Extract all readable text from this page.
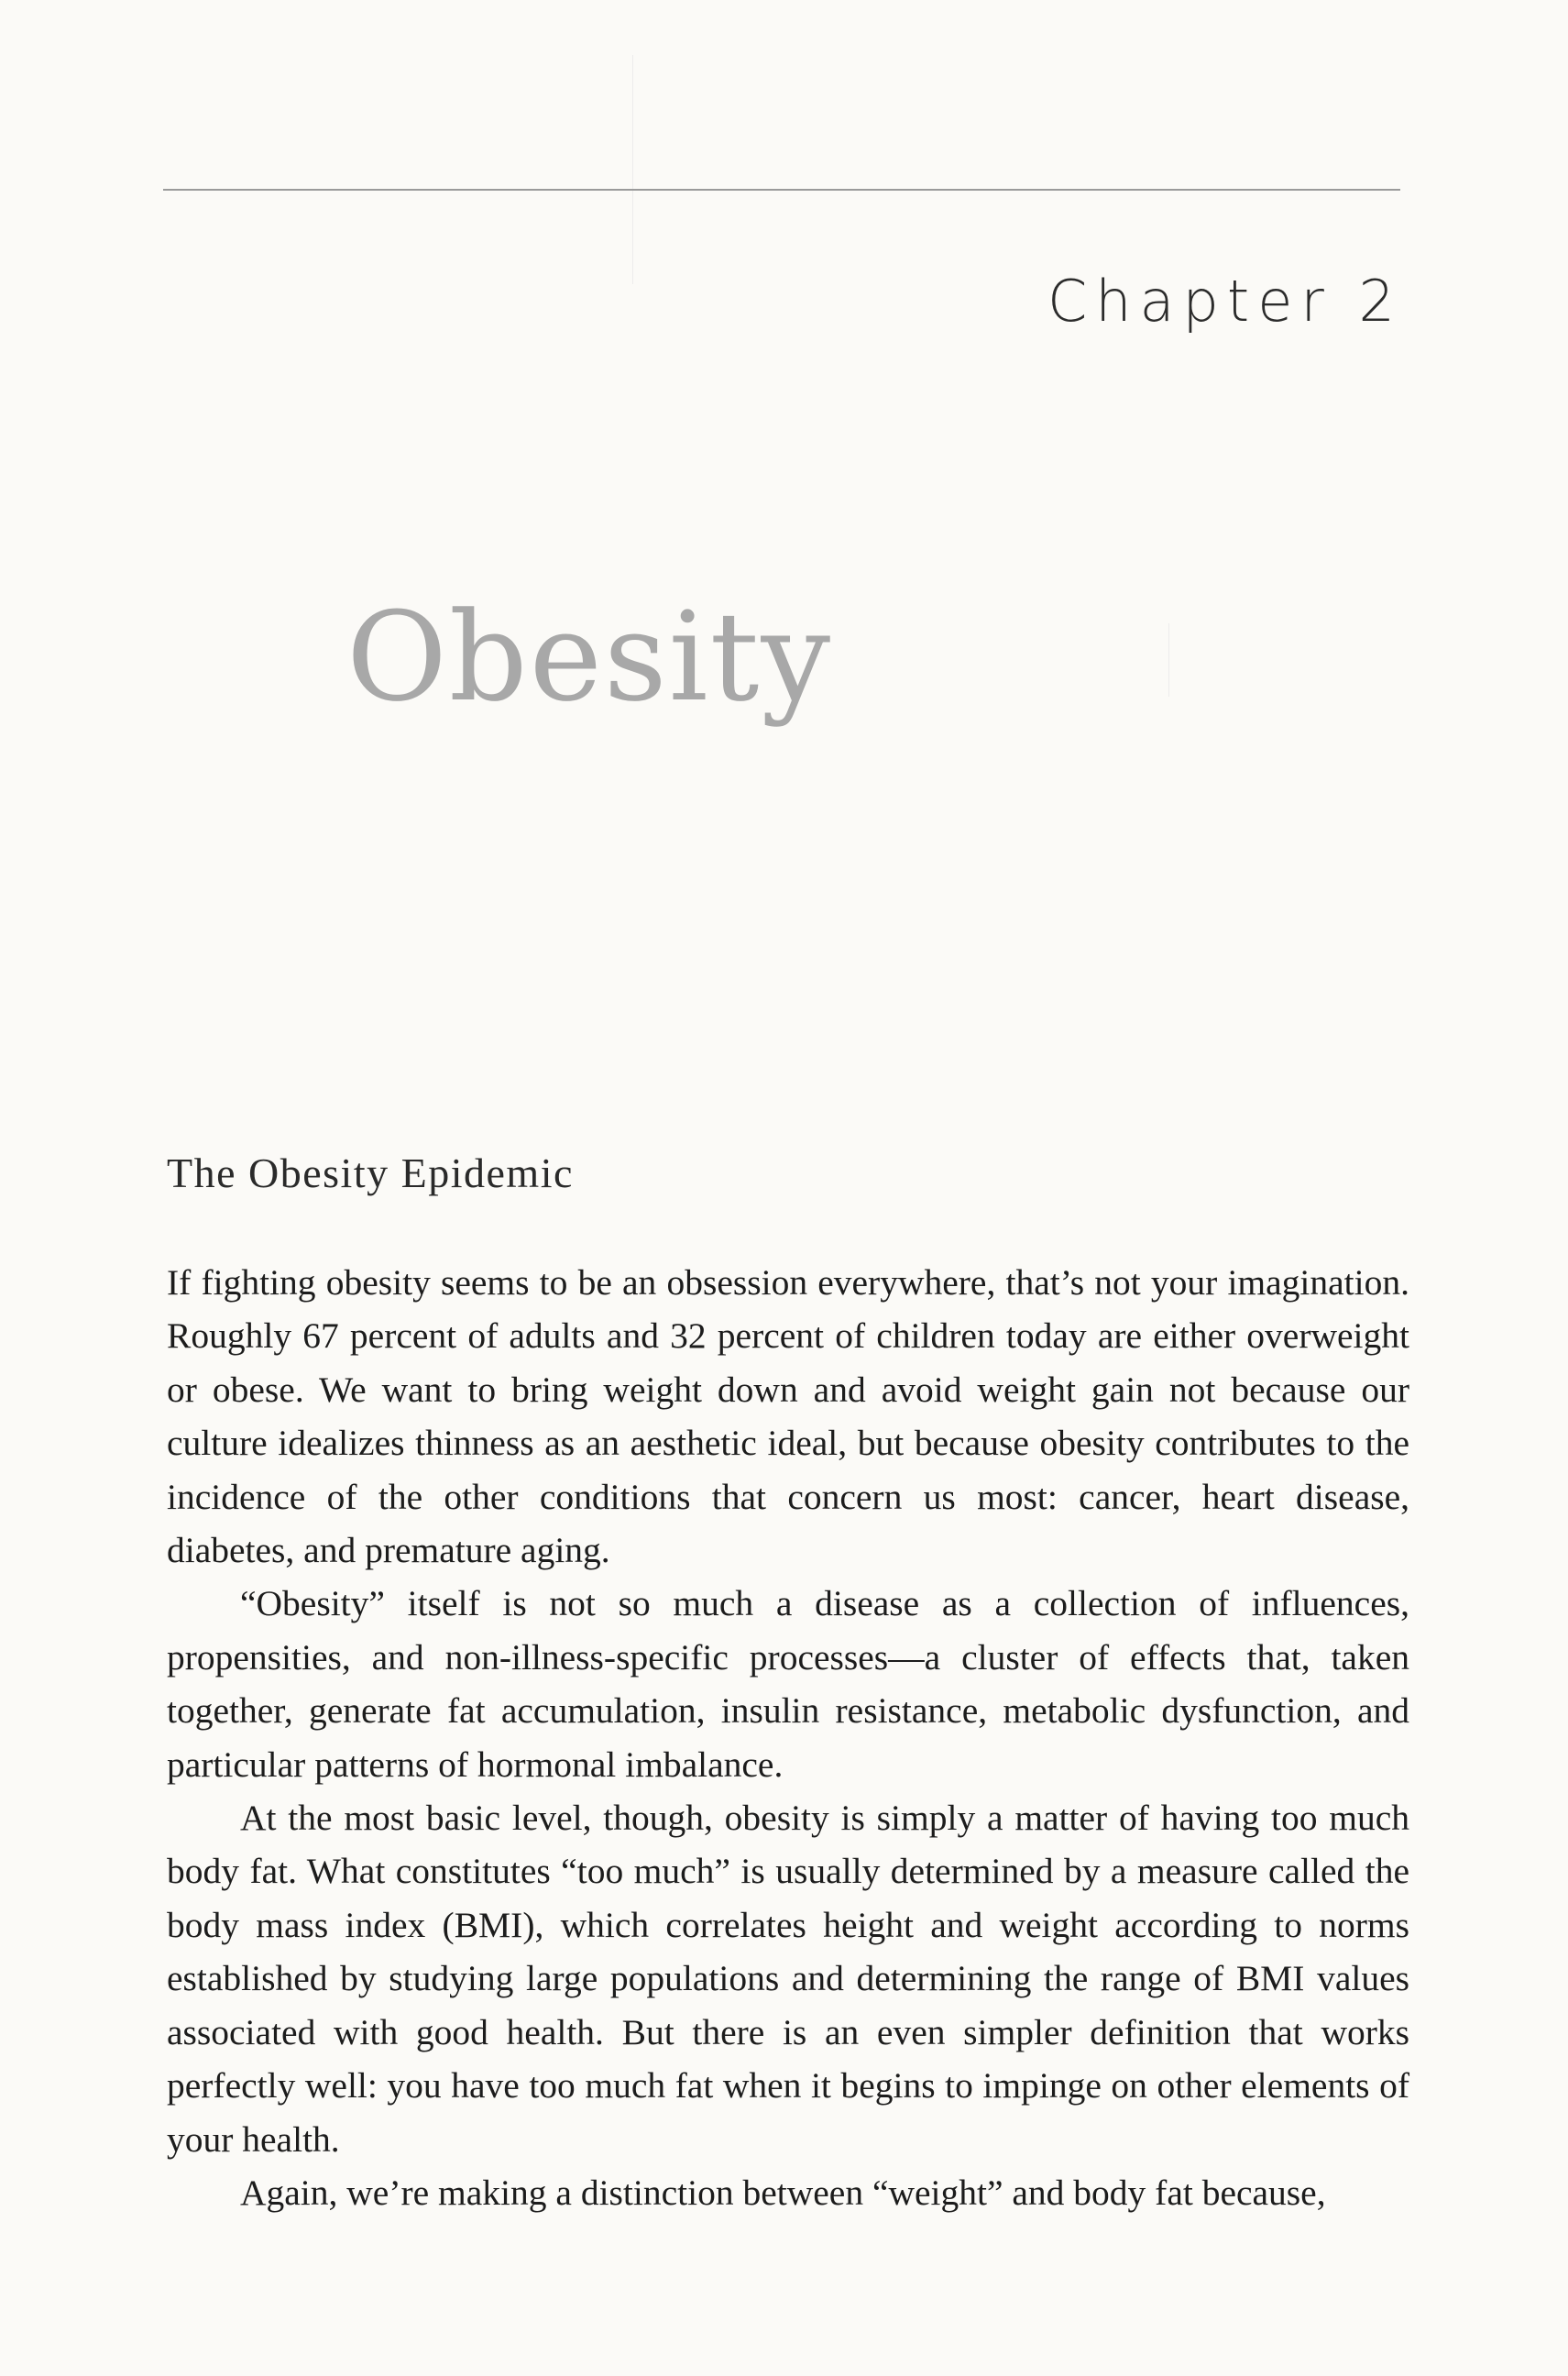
Chapter 2
Obesity
The Obesity Epidemic

If fighting obesity seems to be an obsession everywhere, that’s not your imagination. Roughly 67 percent of adults and 32 percent of children today are either overweight or obese. We want to bring weight down and avoid weight gain not because our culture idealizes thinness as an aesthetic ideal, but because obesity contributes to the incidence of the other conditions that concern us most: cancer, heart disease, diabetes, and premature aging.

“Obesity” itself is not so much a disease as a collection of influences, propensities, and non-illness-specific processes—a cluster of effects that, taken together, generate fat accumulation, insulin resistance, metabolic dysfunction, and particular patterns of hormonal imbalance.

At the most basic level, though, obesity is simply a matter of having too much body fat. What constitutes “too much” is usually determined by a measure called the body mass index (BMI), which correlates height and weight according to norms established by studying large populations and determining the range of BMI values associated with good health. But there is an even simpler definition that works perfectly well: you have too much fat when it begins to impinge on other elements of your health.

Again, we’re making a distinction between “weight” and body fat because,
